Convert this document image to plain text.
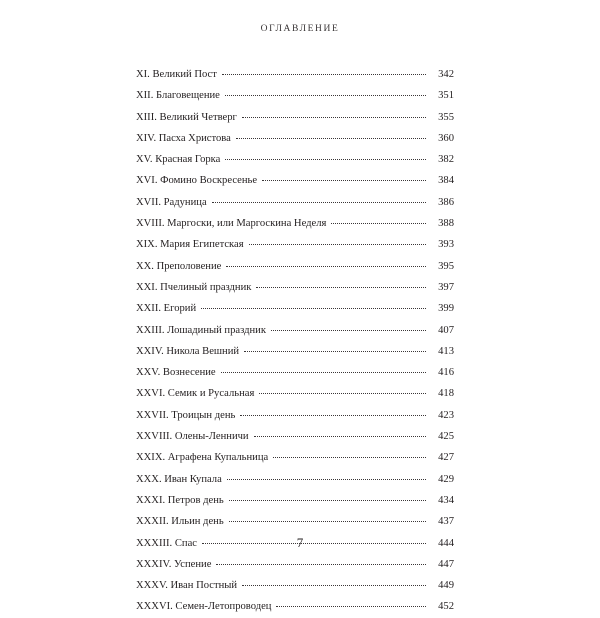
ОГЛАВЛЕНИЕ
XI. Великий Пост	342
XII. Благовещение	351
XIII. Великий Четверг	355
XIV. Пасха Христова	360
XV. Красная Горка	382
XVI. Фомино Воскресенье	384
XVII. Радуница	386
XVIII. Маргоски, или Маргоскина Неделя	388
XIX. Мария Египетская	393
XX. Преполовение	395
XXI. Пчелиный праздник	397
XXII. Егорий	399
XXIII. Лошадиный праздник	407
XXIV. Никола Вешний	413
XXV. Вознесение	416
XXVI. Семик и Русальная	418
XXVII. Троицын день	423
XXVIII. Олены-Ленничи	425
XXIX. Аграфена Купальница	427
XXX. Иван Купала	429
XXXI. Петров день	434
XXXII. Ильин день	437
XXXIII. Спас	444
XXXIV. Успение	447
XXXV. Иван Постный	449
XXXVI. Семен-Летопроводец	452
7
